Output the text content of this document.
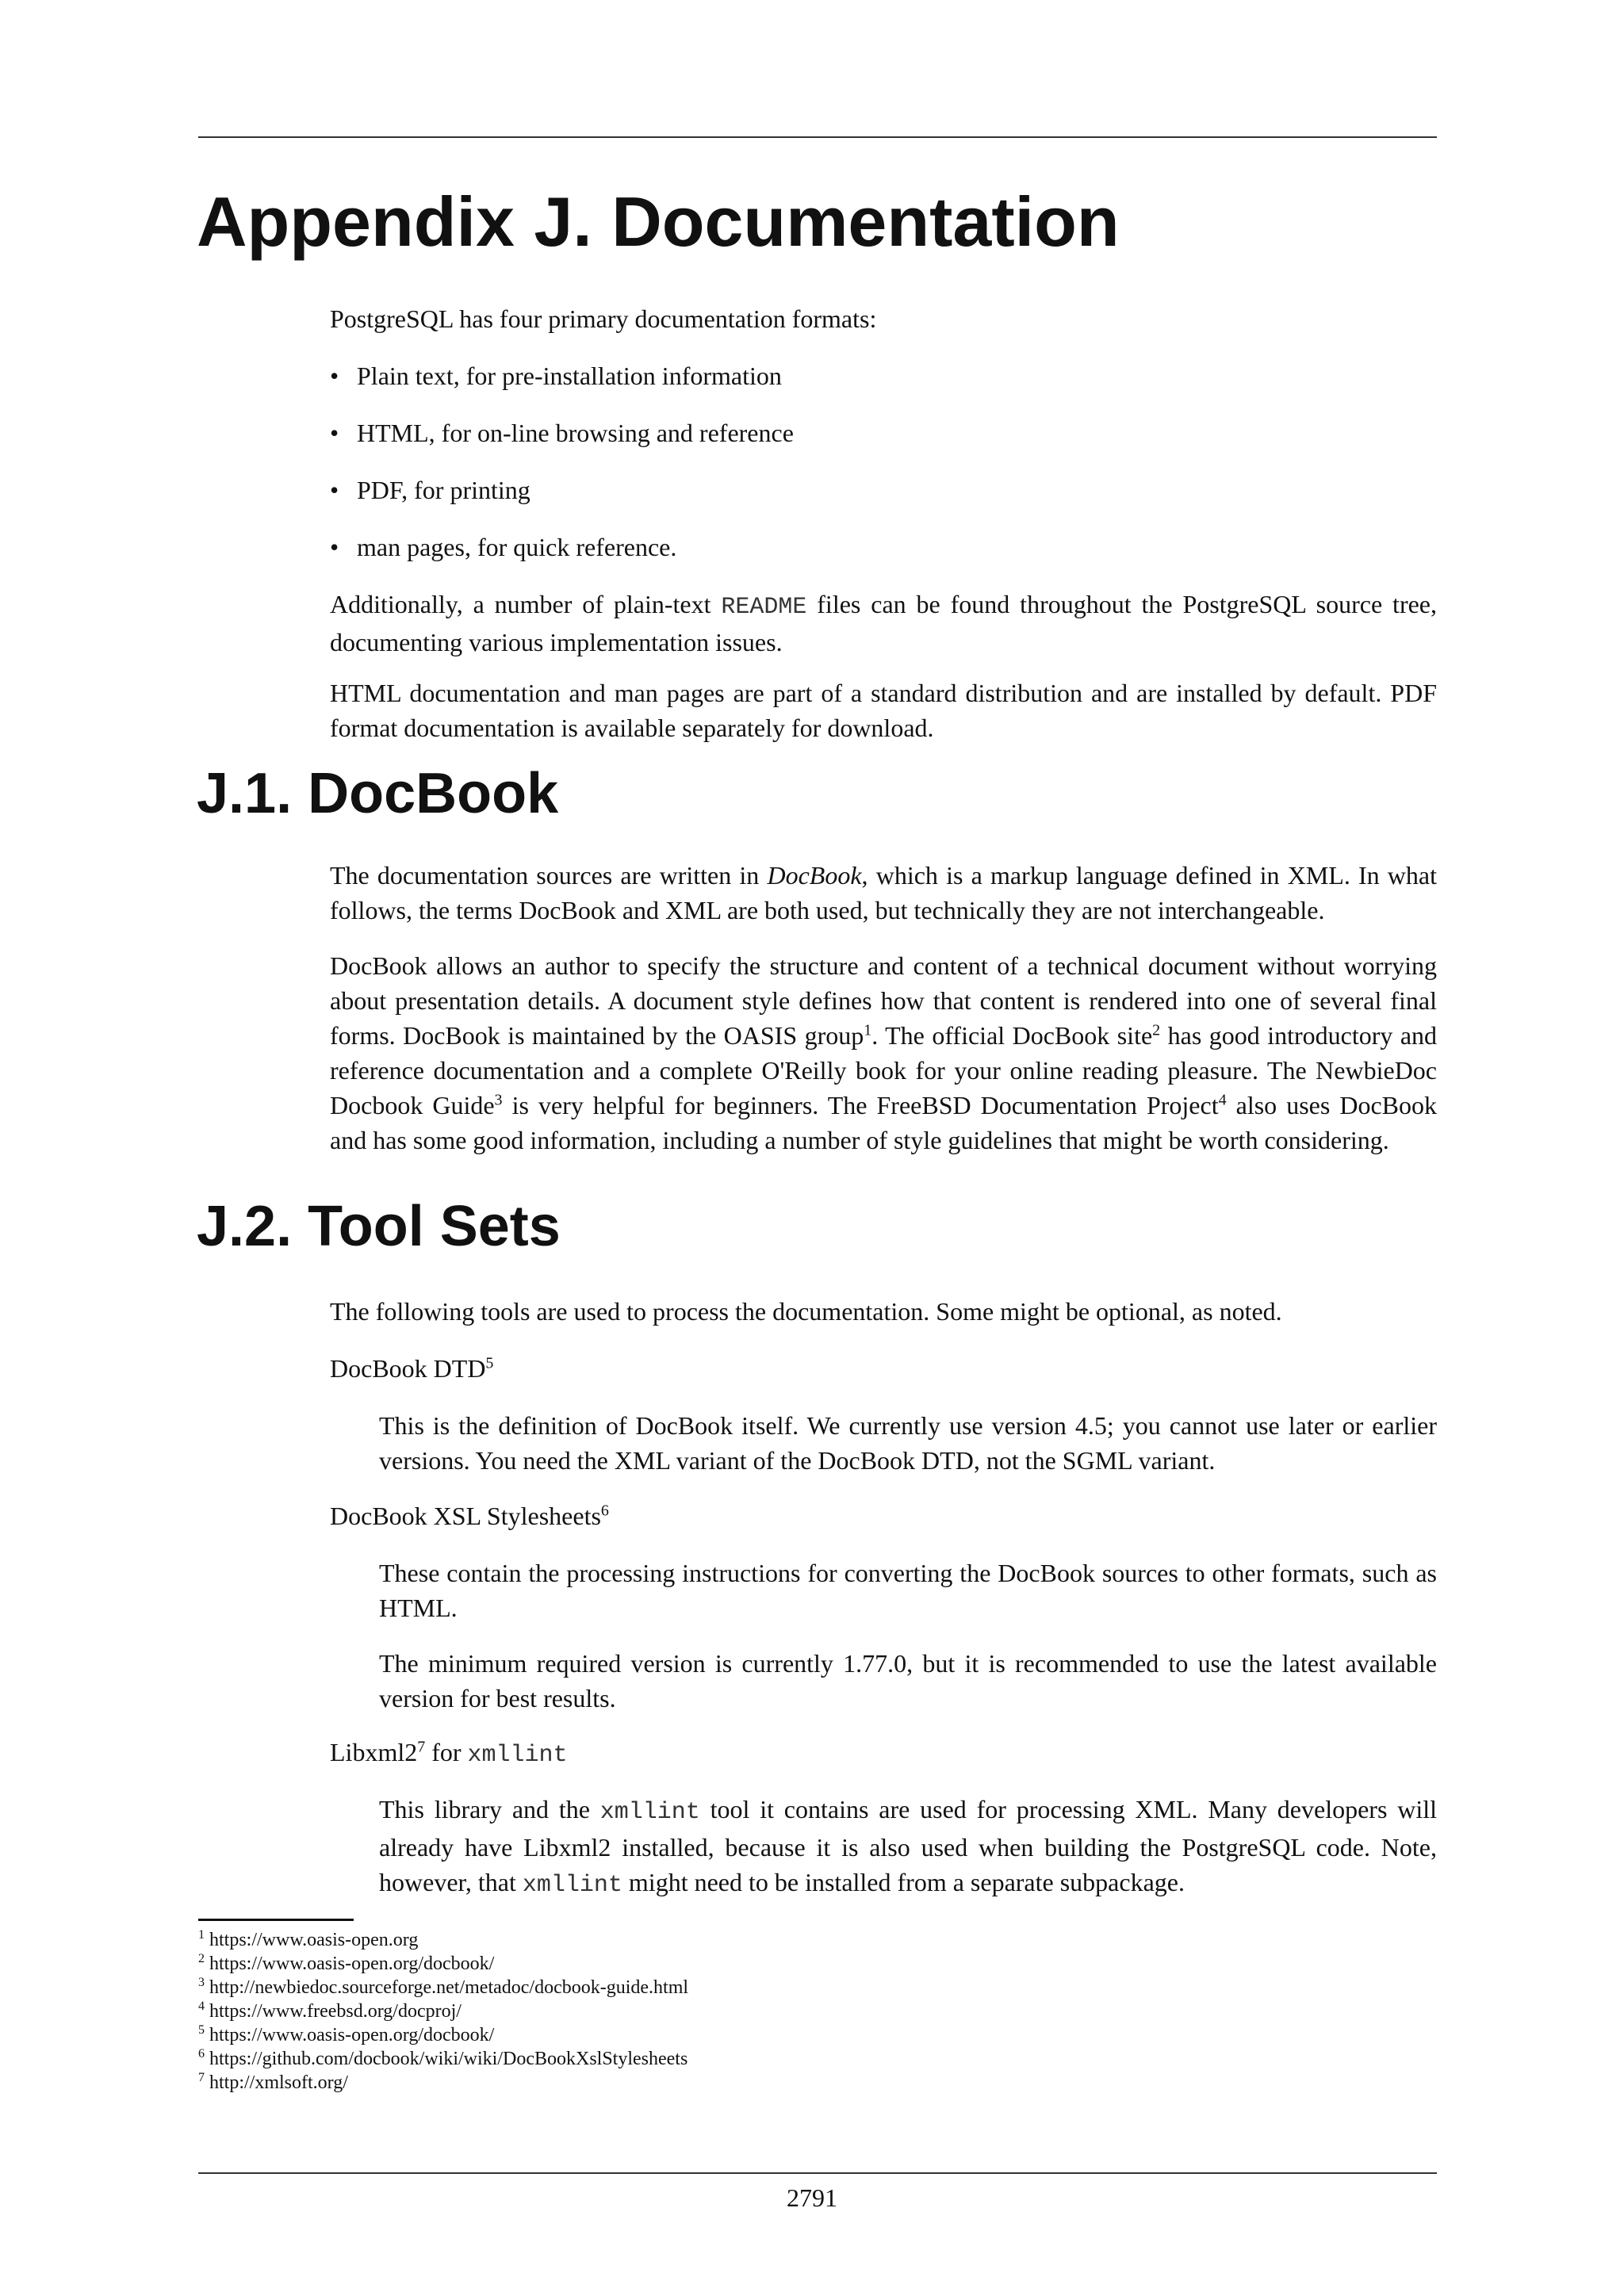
Appendix J. Documentation

PostgreSQL has four primary documentation formats:

• Plain text, for pre-installation information

• HTML, for on-line browsing and reference

• PDF, for printing

• man pages, for quick reference.

Additionally, a number of plain-text README files can be found throughout the PostgreSQL source tree, documenting various implementation issues.

HTML documentation and man pages are part of a standard distribution and are installed by default. PDF format documentation is available separately for download.

J.1. DocBook

The documentation sources are written in DocBook, which is a markup language defined in XML. In what follows, the terms DocBook and XML are both used, but technically they are not interchangeable.

DocBook allows an author to specify the structure and content of a technical document without worrying about presentation details. A document style defines how that content is rendered into one of several final forms. DocBook is maintained by the OASIS group$^1$. The official DocBook site$^2$ has good introductory and reference documentation and a complete O'Reilly book for your online reading pleasure. The NewbieDoc Docbook Guide$^3$ is very helpful for beginners. The FreeBSD Documentation Project$^4$ also uses DocBook and has some good information, including a number of style guidelines that might be worth considering.

J.2. Tool Sets

The following tools are used to process the documentation. Some might be optional, as noted.

DocBook DTD$^5$

This is the definition of DocBook itself. We currently use version 4.5; you cannot use later or earlier versions. You need the XML variant of the DocBook DTD, not the SGML variant.

DocBook XSL Stylesheets$^6$

These contain the processing instructions for converting the DocBook sources to other formats, such as HTML.

The minimum required version is currently 1.77.0, but it is recommended to use the latest available version for best results.

$Libxml2^7$ for xmllint

This library and the xmllint tool it contains are used for processing XML. Many developers will already have Libxml2 installed, because it is also used when building the PostgreSQL code. Note, however, that xmllint might need to be installed from a separate subpackage.

$^1$ https://www.oasis-open.org

$^2$ https://www.oasis-open.org/docbook/

$^3$ http://newbiedoc.sourceforge.net/metadoc/docbook-guide.html

$^4$ https://www.freebsd.org/docproj/

$^5$ https://www.oasis-open.org/docbook/

$^6$ https://github.com/docbook/wiki/wiki/DocBookXslStylesheets

$^7$ http://xmlsoft.org/

2791
